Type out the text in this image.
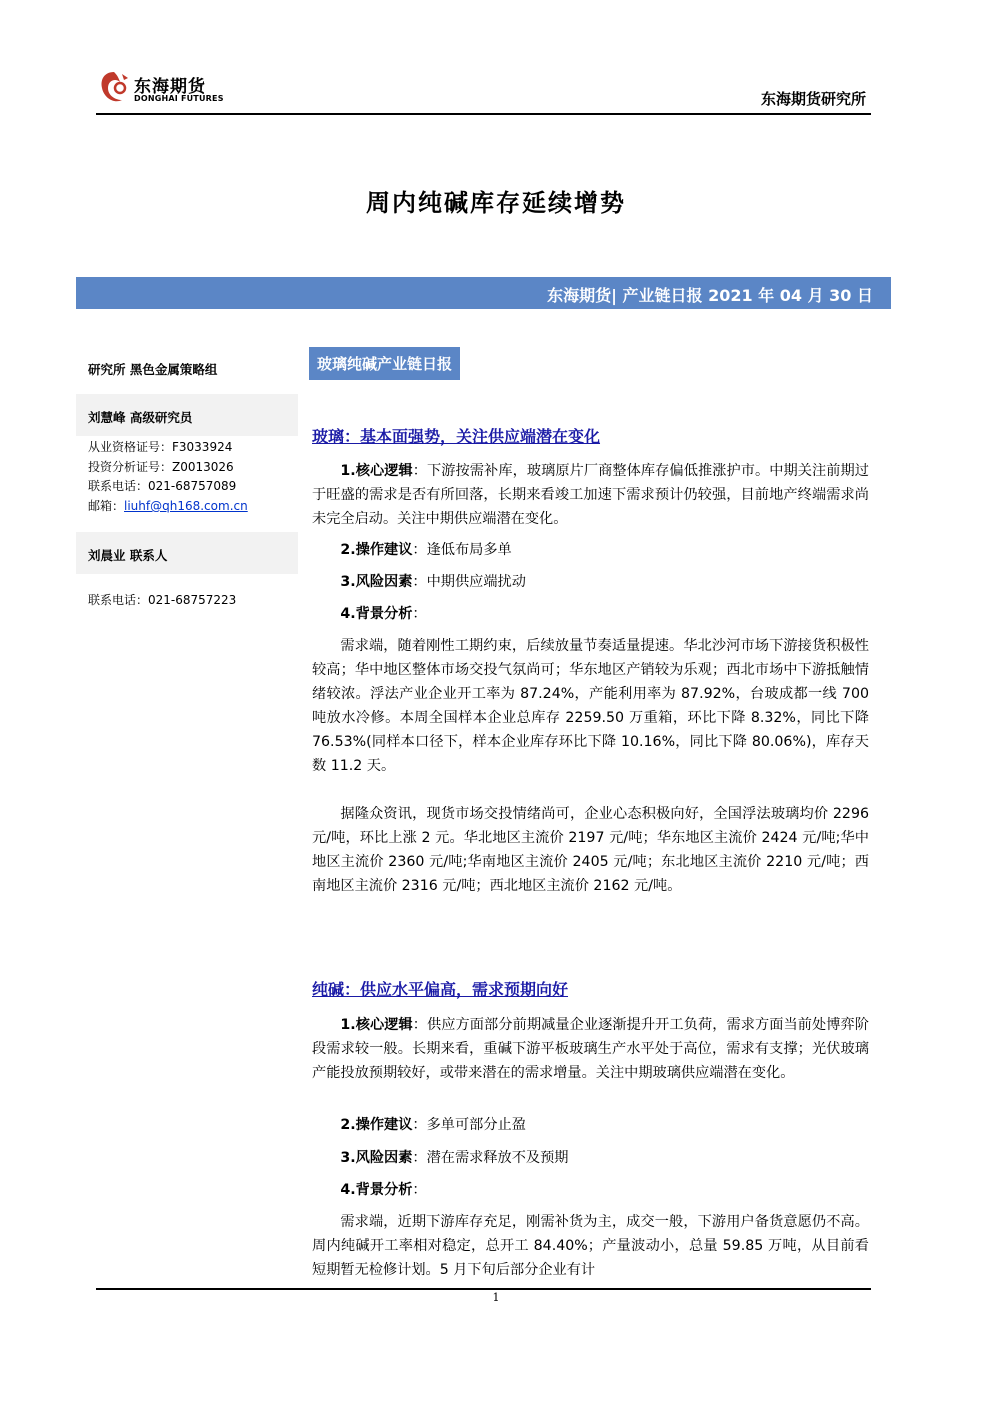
东海期货
DONGHAI FUTURES	东海期货研究所
周内纯碱库存延续增势
东海期货| 产业链日报 2021 年 04 月 30 日
研究所 黑色金属策略组
刘慧峰 高级研究员
从业资格证号：F3033924
投资分析证号：Z0013026
联系电话：021-68757089
邮箱：liuhf@qh168.com.cn
刘晨业 联系人
联系电话：021-68757223
玻璃纯碱产业链日报
玻璃：基本面强势，关注供应端潜在变化
1.核心逻辑：下游按需补库，玻璃原片厂商整体库存偏低推涨护市。中期关注前期过于旺盛的需求是否有所回落，长期来看竣工加速下需求预计仍较强，目前地产终端需求尚未完全启动。关注中期供应端潜在变化。
2.操作建议：逢低布局多单
3.风险因素：中期供应端扰动
4.背景分析：
需求端，随着刚性工期约束，后续放量节奏适量提速。华北沙河市场下游接货积极性较高；华中地区整体市场交投气氛尚可；华东地区产销较为乐观；西北市场中下游抵触情绪较浓。浮法产业企业开工率为 87.24%，产能利用率为 87.92%，台玻成都一线 700 吨放水冷修。本周全国样本企业总库存 2259.50 万重箱，环比下降 8.32%，同比下降 76.53%(同样本口径下，样本企业库存环比下降 10.16%，同比下降 80.06%)，库存天数 11.2 天。
据隆众资讯，现货市场交投情绪尚可，企业心态积极向好，全国浮法玻璃均价 2296 元/吨，环比上涨 2 元。华北地区主流价 2197 元/吨；华东地区主流价 2424 元/吨;华中地区主流价 2360 元/吨;华南地区主流价 2405 元/吨；东北地区主流价 2210 元/吨；西南地区主流价 2316 元/吨；西北地区主流价 2162 元/吨。
纯碱：供应水平偏高，需求预期向好
1.核心逻辑：供应方面部分前期减量企业逐渐提升开工负荷，需求方面当前处博弈阶段需求较一般。长期来看，重碱下游平板玻璃生产水平处于高位，需求有支撑；光伏玻璃产能投放预期较好，或带来潜在的需求增量。关注中期玻璃供应端潜在变化。
2.操作建议：多单可部分止盈
3.风险因素：潜在需求释放不及预期
4.背景分析：
需求端，近期下游库存充足，刚需补货为主，成交一般，下游用户备货意愿仍不高。周内纯碱开工率相对稳定，总开工 84.40%；产量波动小，总量 59.85 万吨，从目前看短期暂无检修计划。5 月下旬后部分企业有计
1
